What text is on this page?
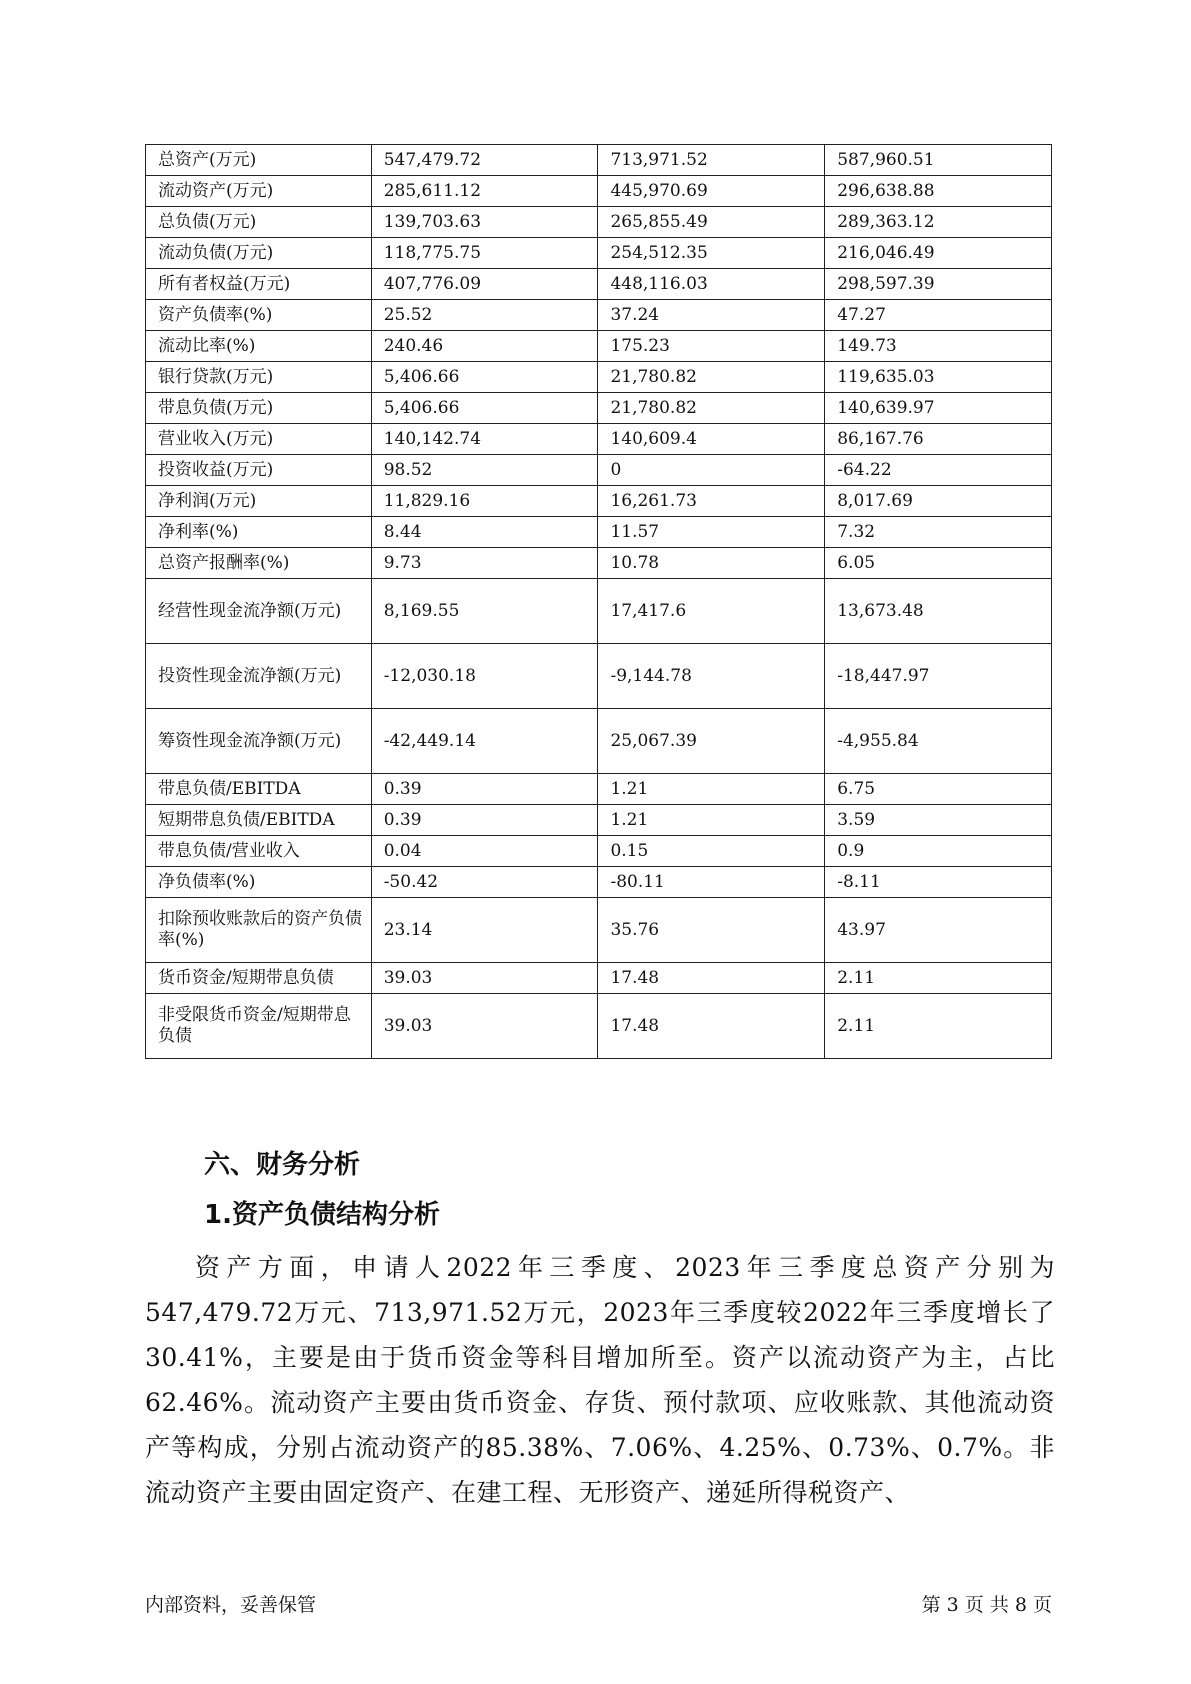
总资产(万元)	547,479.72	713,971.52	587,960.51
流动资产(万元)	285,611.12	445,970.69	296,638.88
总负债(万元)	139,703.63	265,855.49	289,363.12
流动负债(万元)	118,775.75	254,512.35	216,046.49
所有者权益(万元)	407,776.09	448,116.03	298,597.39
资产负债率(%)	25.52	37.24	47.27
流动比率(%)	240.46	175.23	149.73
银行贷款(万元)	5,406.66	21,780.82	119,635.03
带息负债(万元)	5,406.66	21,780.82	140,639.97
营业收入(万元)	140,142.74	140,609.4	86,167.76
投资收益(万元)	98.52	0	-64.22
净利润(万元)	11,829.16	16,261.73	8,017.69
净利率(%)	8.44	11.57	7.32
总资产报酬率(%)	9.73	10.78	6.05
经营性现金流净额(万元)	8,169.55	17,417.6	13,673.48
投资性现金流净额(万元)	-12,030.18	-9,144.78	-18,447.97
筹资性现金流净额(万元)	-42,449.14	25,067.39	-4,955.84
带息负债/EBITDA	0.39	1.21	6.75
短期带息负债/EBITDA	0.39	1.21	3.59
带息负债/营业收入	0.04	0.15	0.9
净负债率(%)	-50.42	-80.11	-8.11
扣除预收账款后的资产负债率(%)	23.14	35.76	43.97
货币资金/短期带息负债	39.03	17.48	2.11
非受限货币资金/短期带息负债	39.03	17.48	2.11
六、财务分析
1.资产负债结构分析
资产方面，申请人2022年三季度、2023年三季度总资产分别为547,479.72万元、713,971.52万元，2023年三季度较2022年三季度增长了30.41%，主要是由于货币资金等科目增加所至。资产以流动资产为主，占比62.46%。流动资产主要由货币资金、存货、预付款项、应收账款、其他流动资产等构成，分别占流动资产的85.38%、7.06%、4.25%、0.73%、0.7%。非流动资产主要由固定资产、在建工程、无形资产、递延所得税资产、
内部资料，妥善保管	第 3 页 共 8 页
